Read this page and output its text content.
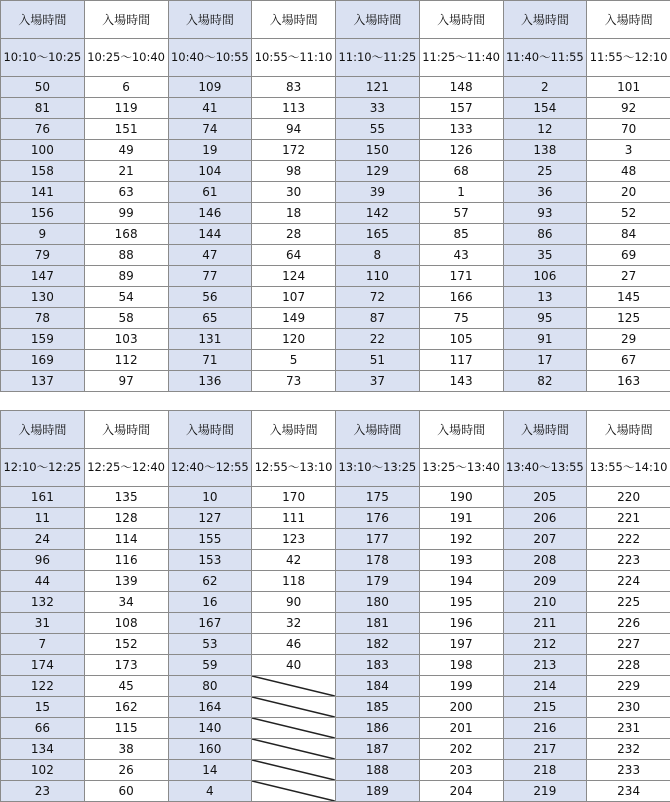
入場時間	入場時間	入場時間	入場時間	入場時間	入場時間	入場時間	入場時間
10:10～10:25	10:25～10:40	10:40～10:55	10:55～11:10	11:10～11:25	11:25～11:40	11:40～11:55	11:55～12:10
50	6	109	83	121	148	2	101
81	119	41	113	33	157	154	92
76	151	74	94	55	133	12	70
100	49	19	172	150	126	138	3
158	21	104	98	129	68	25	48
141	63	61	30	39	1	36	20
156	99	146	18	142	57	93	52
9	168	144	28	165	85	86	84
79	88	47	64	8	43	35	69
147	89	77	124	110	171	106	27
130	54	56	107	72	166	13	145
78	58	65	149	87	75	95	125
159	103	131	120	22	105	91	29
169	112	71	5	51	117	17	67
137	97	136	73	37	143	82	163
入場時間	入場時間	入場時間	入場時間	入場時間	入場時間	入場時間	入場時間
12:10～12:25	12:25～12:40	12:40～12:55	12:55～13:10	13:10～13:25	13:25～13:40	13:40～13:55	13:55～14:10
161	135	10	170	175	190	205	220
11	128	127	111	176	191	206	221
24	114	155	123	177	192	207	222
96	116	153	42	178	193	208	223
44	139	62	118	179	194	209	224
132	34	16	90	180	195	210	225
31	108	167	32	181	196	211	226
7	152	53	46	182	197	212	227
174	173	59	40	183	198	213	228
122	45	80		184	199	214	229
15	162	164		185	200	215	230
66	115	140		186	201	216	231
134	38	160		187	202	217	232
102	26	14		188	203	218	233
23	60	4		189	204	219	234
